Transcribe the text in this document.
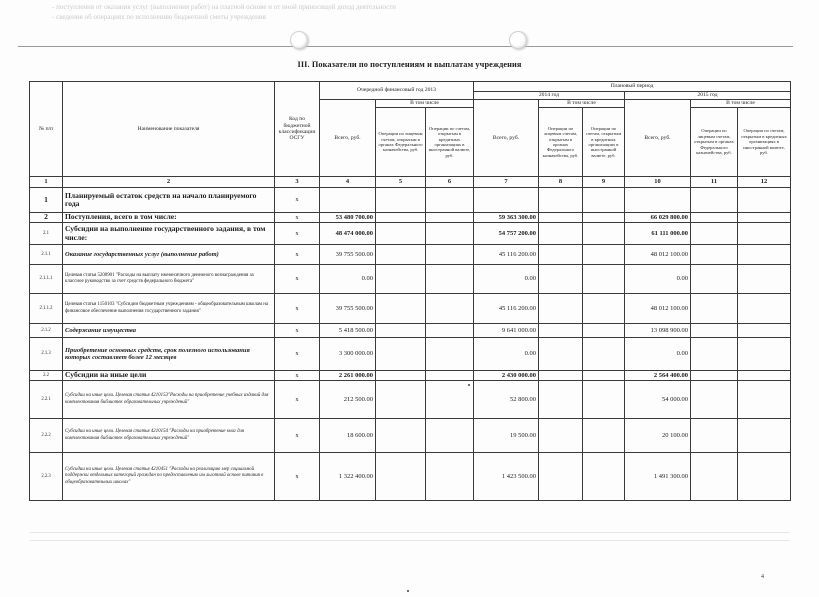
- поступления от оказания услуг (выполнения работ) на платной основе и от иной приносящей доход деятельности
- сведения об операциях по исполнению бюджетной сметы учреждения
III. Показатели по поступлениям и выплатам учреждения
№ п/п	Наименование показателя	Код по бюджетной классификации ОСГУ	Очередной финансовый год 2013			Плановый период					
						2014 год			2015 год		
			Всего, руб.	В том числе		Всего, руб.	В том числе		Всего, руб.	В том числе	
				Операции по лицевым счетам, открытым в органах Федерального казначейства, руб.	Операции по счетам, открытым в кредитных организациях в иностранной валюте, руб.		Операции по лицевым счетам, открытым в органах Федерального казначейства, руб.	Операции по счетам, открытым в кредитных организациях в иностранной валюте, руб.		Операции по лицевым счетам, открытым в органах Федерального казначейства, руб.	Операции по счетам, открытым в кредитных организациях в иностранной валюте, руб.

1	2	3	4	5	6	7	8	9	10	11	12
1	Планируемый остаток средств на начало планируемого года	x									
2	Поступления, всего в том числе:	x	53 480 700.00			59 363 300.00			66 029 800.00		
2.1	Субсидии на выполнение государственного задания, в том числе:	x	48 474 000.00			54 757 200.00			61 111 000.00		
2.1.1	Оказание государственных услуг (выполнение работ)	x	39 755 500.00			45 116 200.00			48 012 100.00		
2.1.1.1	Целевая статья 5200901 "Расходы на выплату ежемесячного денежного вознаграждения за классное руководство за счет средств федерального бюджета"	x	0.00			0.00			0.00		
2.1.1.2	Целевая статья 1150103 "Субсидии бюджетным учреждениям - общеобразовательным школам на финансовое обеспечение выполнения государственного задания"	x	39 755 500.00			45 116 200.00			48 012 100.00		
2.1.2	Содержание имущества	x	5 418 500.00			9 641 000.00			13 098 900.00		
2.1.3	Приобретение основных средств, срок полезного использования которых составляет более 12 месяцев	x	3 300 000.00			0.00			0.00		
2.2	Субсидии на иные цели	x	2 261 000.00			2 430 000.00			2 564 400.00		
2.2.1	Субсидии на иные цели. Целевая статья 4210153"Расходы на приобретение учебных изданий для комплектования библиотек образовательных учреждений"	x	212 500.00			52 800.00			54 000.00		
2.2.2	Субсидии на иные цели. Целевая статья 4210154 "Расходы на приобретение книг для комплектования библиотек образовательных учреждений"	x	18 600.00			19 500.00			20 100.00		
2.2.3	Субсидии на иные цели. Целевая статья 4210451 "Расходы на реализацию мер социальной поддержки отдельных категорий граждан по предоставлению им льготной основе питания в общеобразовательных школах"	x	1 322 400.00			1 423 500.00			1 491 300.00		
4
